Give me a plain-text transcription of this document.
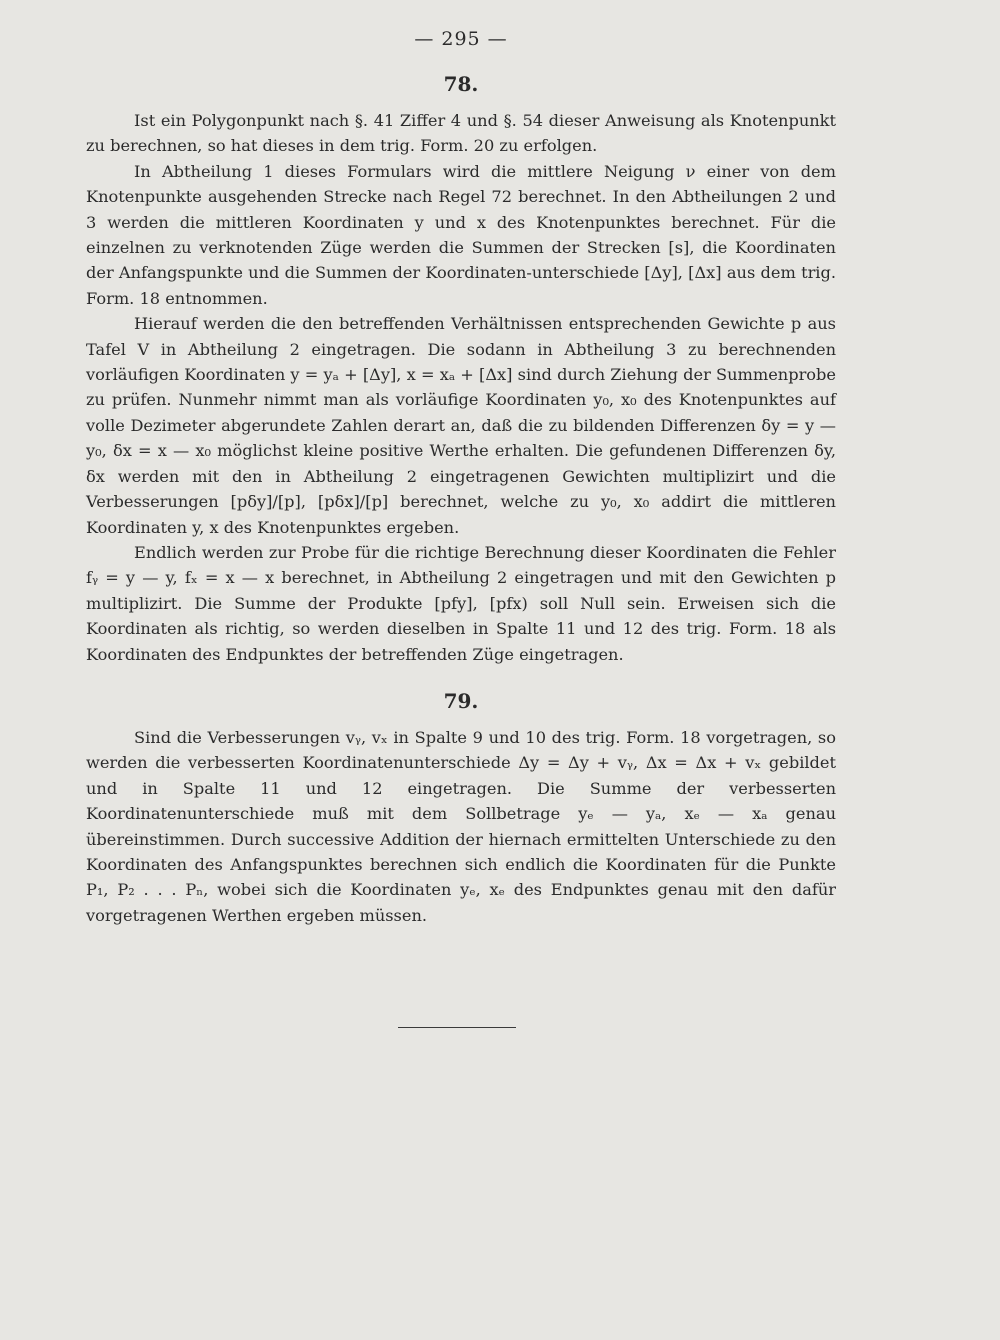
— 295 —
78.

Ist ein Polygonpunkt nach §. 41 Ziffer 4 und §. 54 dieser Anweisung als Knotenpunkt zu berechnen, so hat dieses in dem trig. Form. 20 zu erfolgen.

In Abtheilung 1 dieses Formulars wird die mittlere Neigung ν einer von dem Knotenpunkte ausgehenden Strecke nach Regel 72 berechnet. In den Abtheilungen 2 und 3 werden die mittleren Koordinaten y und x des Knotenpunktes berechnet. Für die einzelnen zu verknotenden Züge werden die Summen der Strecken [s], die Koordinaten der Anfangspunkte und die Summen der Koordinaten-unterschiede [Δy], [Δx] aus dem trig. Form. 18 entnommen.

Hierauf werden die den betreffenden Verhältnissen entsprechenden Gewichte p aus Tafel V in Abtheilung 2 eingetragen. Die sodann in Abtheilung 3 zu berechnenden vorläufigen Koordinaten y = yₐ + [Δy], x = xₐ + [Δx] sind durch Ziehung der Summenprobe zu prüfen. Nunmehr nimmt man als vorläufige Koordinaten y₀, x₀ des Knotenpunktes auf volle Dezimeter abgerundete Zahlen derart an, daß die zu bildenden Differenzen δy = y — y₀, δx = x — x₀ möglichst kleine positive Werthe erhalten. Die gefundenen Differenzen δy, δx werden mit den in Abtheilung 2 eingetragenen Gewichten multiplizirt und die Verbesserungen [pδy]/[p], [pδx]/[p] berechnet, welche zu y₀, x₀ addirt die mittleren Koordinaten y, x des Knotenpunktes ergeben.

Endlich werden zur Probe für die richtige Berechnung dieser Koordinaten die Fehler fᵧ = y — y, fₓ = x — x berechnet, in Abtheilung 2 eingetragen und mit den Gewichten p multiplizirt. Die Summe der Produkte [pfy], [pfx) soll Null sein. Erweisen sich die Koordinaten als richtig, so werden dieselben in Spalte 11 und 12 des trig. Form. 18 als Koordinaten des Endpunktes der betreffenden Züge eingetragen.

79.

Sind die Verbesserungen vᵧ, vₓ in Spalte 9 und 10 des trig. Form. 18 vorgetragen, so werden die verbesserten Koordinatenunterschiede Δy = Δy + vᵧ, Δx = Δx + vₓ gebildet und in Spalte 11 und 12 eingetragen. Die Summe der verbesserten Koordinatenunterschiede muß mit dem Sollbetrage yₑ — yₐ, xₑ — xₐ genau übereinstimmen. Durch successive Addition der hiernach ermittelten Unterschiede zu den Koordinaten des Anfangspunktes berechnen sich endlich die Koordinaten für die Punkte P₁, P₂ . . . Pₙ, wobei sich die Koordinaten yₑ, xₑ des Endpunktes genau mit den dafür vorgetragenen Werthen ergeben müssen.
